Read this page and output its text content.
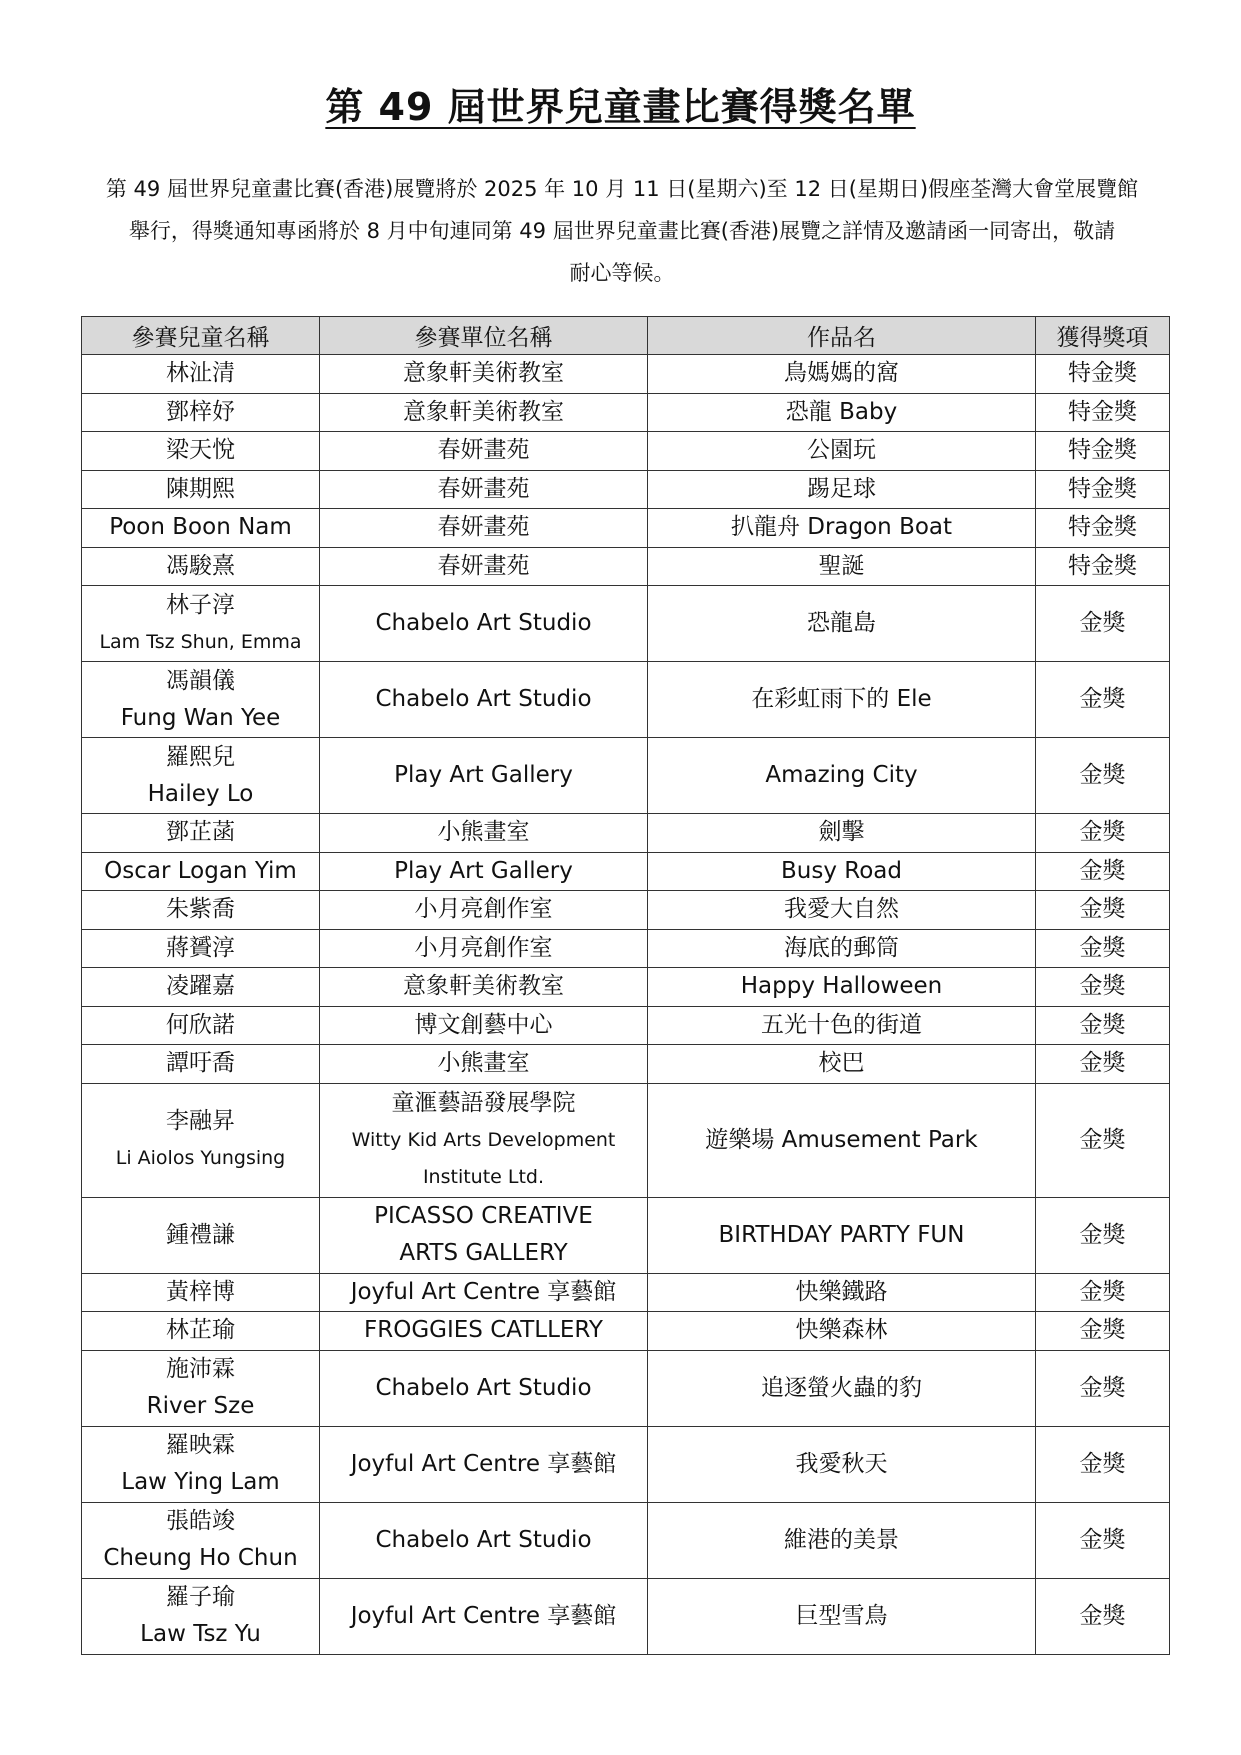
第 49 屆世界兒童畫比賽得獎名單
第 49 屆世界兒童畫比賽(香港)展覽將於 2025 年 10 月 11 日(星期六)至 12 日(星期日)假座荃灣大會堂展覽館
舉行，得獎通知專函將於 8 月中旬連同第 49 屆世界兒童畫比賽(香港)展覽之詳情及邀請函一同寄出，敬請
耐心等候。
參賽兒童名稱	參賽單位名稱	作品名	獲得獎項

林沚清	意象軒美術教室	鳥媽媽的窩	特金獎

鄧梓妤	意象軒美術教室	恐龍 Baby	特金獎

梁天悅	春妍畫苑	公園玩	特金獎

陳期熙	春妍畫苑	踢足球	特金獎

Poon Boon Nam	春妍畫苑	扒龍舟 Dragon Boat	特金獎

馮駿熹	春妍畫苑	聖誕	特金獎

林子淳
Lam Tsz Shun, Emma	Chabelo Art Studio	恐龍島	金獎

馮韻儀
Fung Wan Yee	Chabelo Art Studio	在彩虹雨下的 Ele	金獎

羅熙兒
Hailey Lo	Play Art Gallery	Amazing City	金獎

鄧芷菡	小熊畫室	劍擊	金獎

Oscar Logan Yim	Play Art Gallery	Busy Road	金獎

朱紫喬	小月亮創作室	我愛大自然	金獎

蔣贇淳	小月亮創作室	海底的郵筒	金獎

凌躍嘉	意象軒美術教室	Happy Halloween	金獎

何欣諾	博文創藝中心	五光十色的街道	金獎

譚吁喬	小熊畫室	校巴	金獎

李融昇
Li Aiolos Yungsing	童滙藝語發展學院
Witty Kid Arts Development
Institute Ltd.	遊樂場 Amusement Park	金獎

鍾禮謙	PICASSO CREATIVE
ARTS GALLERY	BIRTHDAY PARTY FUN	金獎

黃梓博	Joyful Art Centre 享藝館	快樂鐵路	金獎

林芷瑜	FROGGIES CATLLERY	快樂森林	金獎

施沛霖
River Sze	Chabelo Art Studio	追逐螢火蟲的豹	金獎

羅映霖
Law Ying Lam	Joyful Art Centre 享藝館	我愛秋天	金獎

張皓竣
Cheung Ho Chun	Chabelo Art Studio	維港的美景	金獎

羅子瑜
Law Tsz Yu	Joyful Art Centre 享藝館	巨型雪鳥	金獎
